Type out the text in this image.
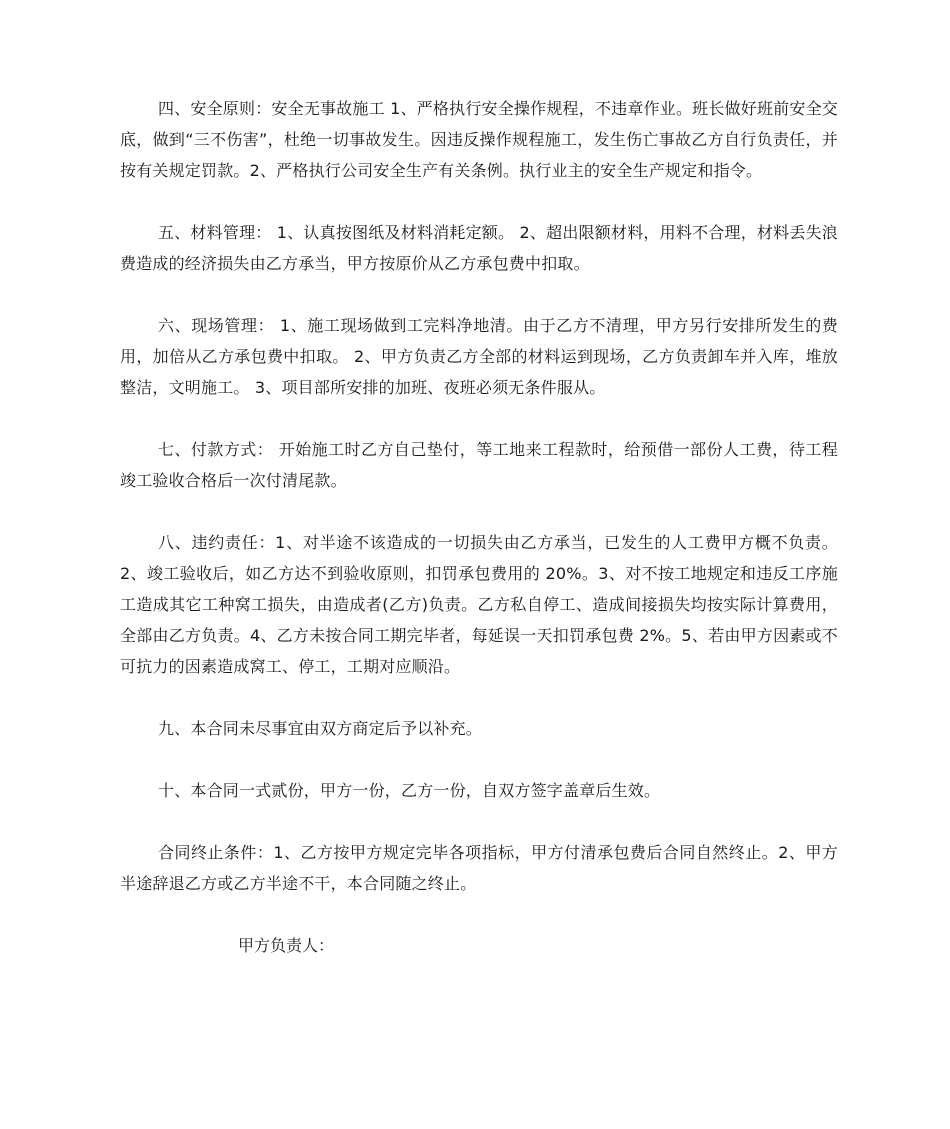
四、安全原则：安全无事故施工 1、严格执行安全操作规程，不违章作业。班长做好班前安全交底，做到“三不伤害”，杜绝一切事故发生。因违反操作规程施工，发生伤亡事故乙方自行负责任，并按有关规定罚款。2、严格执行公司安全生产有关条例。执行业主的安全生产规定和指令。

五、材料管理： 1、认真按图纸及材料消耗定额。 2、超出限额材料，用料不合理，材料丢失浪费造成的经济损失由乙方承当，甲方按原价从乙方承包费中扣取。

六、现场管理： 1、施工现场做到工完料净地清。由于乙方不清理，甲方另行安排所发生的费用，加倍从乙方承包费中扣取。 2、甲方负责乙方全部的材料运到现场，乙方负责卸车并入库，堆放整洁，文明施工。 3、项目部所安排的加班、夜班必须无条件服从。

七、付款方式： 开始施工时乙方自己垫付，等工地来工程款时，给预借一部份人工费，待工程竣工验收合格后一次付清尾款。

八、违约责任：1、对半途不该造成的一切损失由乙方承当，已发生的人工费甲方概不负责。 2、竣工验收后，如乙方达不到验收原则，扣罚承包费用的 20%。3、对不按工地规定和违反工序施工造成其它工种窝工损失，由造成者(乙方)负责。乙方私自停工、造成间接损失均按实际计算费用，全部由乙方负责。4、乙方未按合同工期完毕者，每延误一天扣罚承包费 2%。5、若由甲方因素或不可抗力的因素造成窝工、停工，工期对应顺沿。

九、本合同未尽事宜由双方商定后予以补充。

十、本合同一式贰份，甲方一份，乙方一份，自双方签字盖章后生效。

合同终止条件：1、乙方按甲方规定完毕各项指标，甲方付清承包费后合同自然终止。2、甲方半途辞退乙方或乙方半途不干，本合同随之终止。

甲方负责人：
